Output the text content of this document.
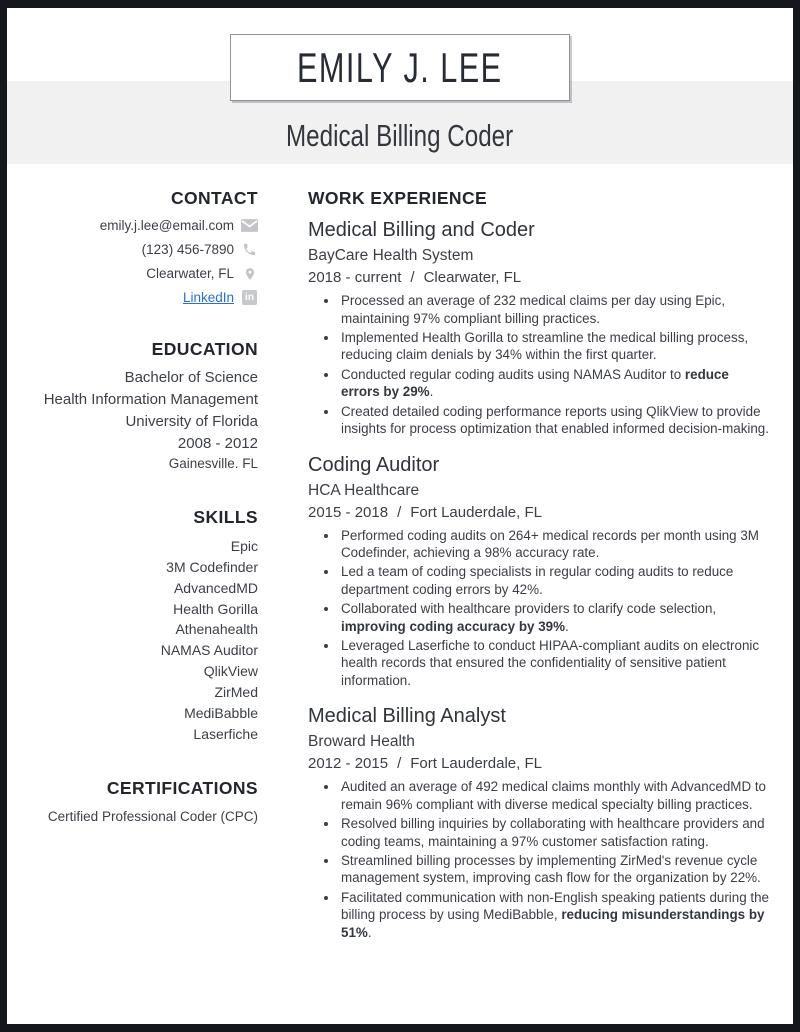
EMILY J. LEE
Medical Billing Coder
CONTACT
emily.j.lee@email.com
(123) 456-7890
Clearwater, FL
LinkedIn	in
EDUCATION
Bachelor of Science
Health Information Management
University of Florida
2008 - 2012
Gainesville. FL
SKILLS
Epic
3M Codefinder
AdvancedMD
Health Gorilla
Athenahealth
NAMAS Auditor
QlikView
ZirMed
MediBabble
Laserfiche
CERTIFICATIONS
Certified Professional Coder (CPC)
WORK EXPERIENCE
Medical Billing and Coder
BayCare Health System
2018 - current / Clearwater, FL
• Processed an average of 232 medical claims per day using Epic, maintaining 97% compliant billing practices.
• Implemented Health Gorilla to streamline the medical billing process, reducing claim denials by 34% within the first quarter.
• Conducted regular coding audits using NAMAS Auditor to reduce errors by 29%.
• Created detailed coding performance reports using QlikView to provide insights for process optimization that enabled informed decision-making.
Coding Auditor
HCA Healthcare
2015 - 2018 / Fort Lauderdale, FL
• Performed coding audits on 264+ medical records per month using 3M Codefinder, achieving a 98% accuracy rate.
• Led a team of coding specialists in regular coding audits to reduce department coding errors by 42%.
• Collaborated with healthcare providers to clarify code selection, improving coding accuracy by 39%.
• Leveraged Laserfiche to conduct HIPAA-compliant audits on electronic health records that ensured the confidentiality of sensitive patient information.
Medical Billing Analyst
Broward Health
2012 - 2015 / Fort Lauderdale, FL
• Audited an average of 492 medical claims monthly with AdvancedMD to remain 96% compliant with diverse medical specialty billing practices.
• Resolved billing inquiries by collaborating with healthcare providers and coding teams, maintaining a 97% customer satisfaction rating.
• Streamlined billing processes by implementing ZirMed's revenue cycle management system, improving cash flow for the organization by 22%.
• Facilitated communication with non-English speaking patients during the billing process by using MediBabble, reducing misunderstandings by 51%.
